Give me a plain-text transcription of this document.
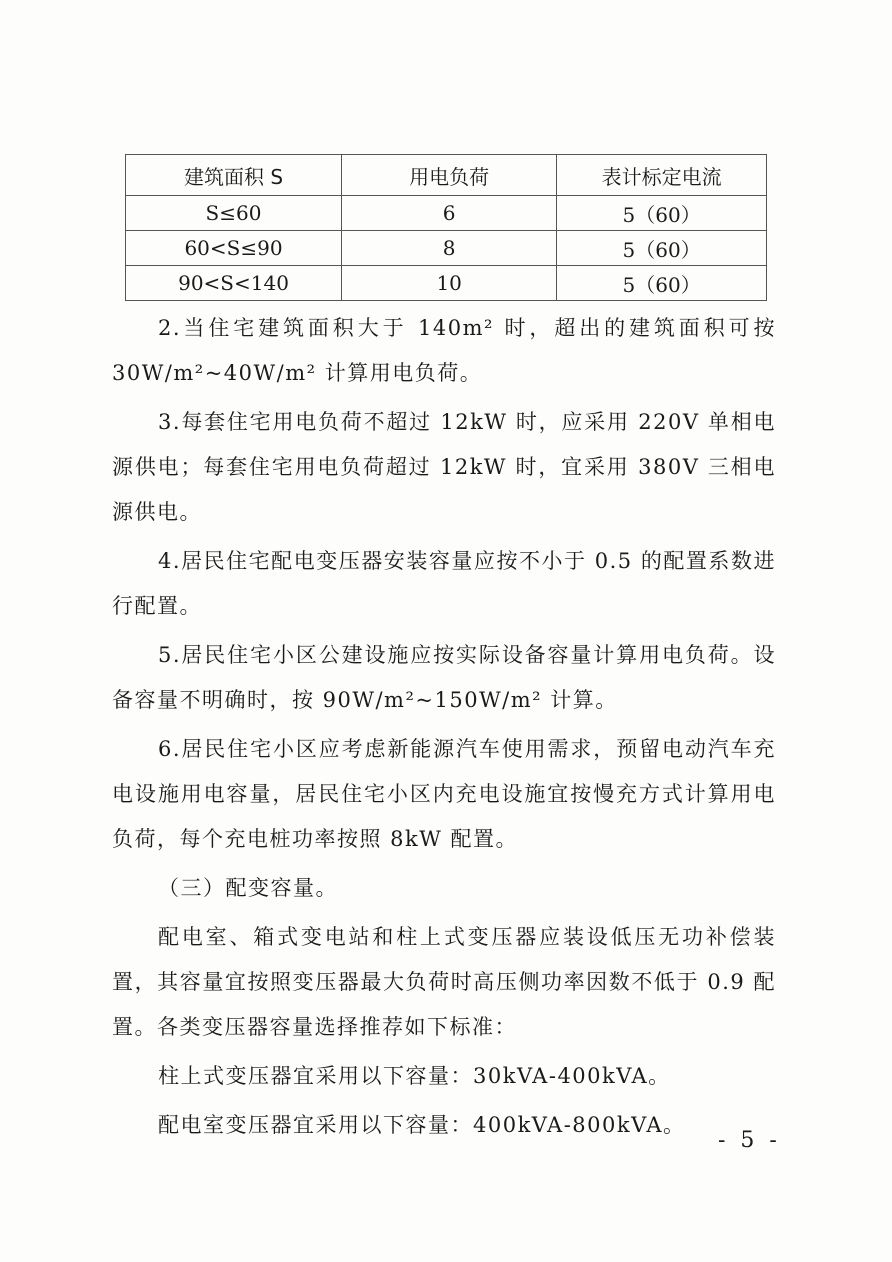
建筑面积 S	用电负荷	表计标定电流
S≤60	6	5（60）
60<S≤90	8	5（60）
90<S<140	10	5（60）

2.当住宅建筑面积大于 140m² 时，超出的建筑面积可按 30W/m²~40W/m² 计算用电负荷。

3.每套住宅用电负荷不超过 12kW 时，应采用 220V 单相电源供电；每套住宅用电负荷超过 12kW 时，宜采用 380V 三相电源供电。

4.居民住宅配电变压器安装容量应按不小于 0.5 的配置系数进行配置。

5.居民住宅小区公建设施应按实际设备容量计算用电负荷。设备容量不明确时，按 90W/m²~150W/m² 计算。

6.居民住宅小区应考虑新能源汽车使用需求，预留电动汽车充电设施用电容量，居民住宅小区内充电设施宜按慢充方式计算用电负荷，每个充电桩功率按照 8kW 配置。

（三）配变容量。

配电室、箱式变电站和柱上式变压器应装设低压无功补偿装置，其容量宜按照变压器最大负荷时高压侧功率因数不低于 0.9 配置。各类变压器容量选择推荐如下标准：

柱上式变压器宜采用以下容量：30kVA-400kVA。

配电室变压器宜采用以下容量：400kVA-800kVA。

- 5 -
